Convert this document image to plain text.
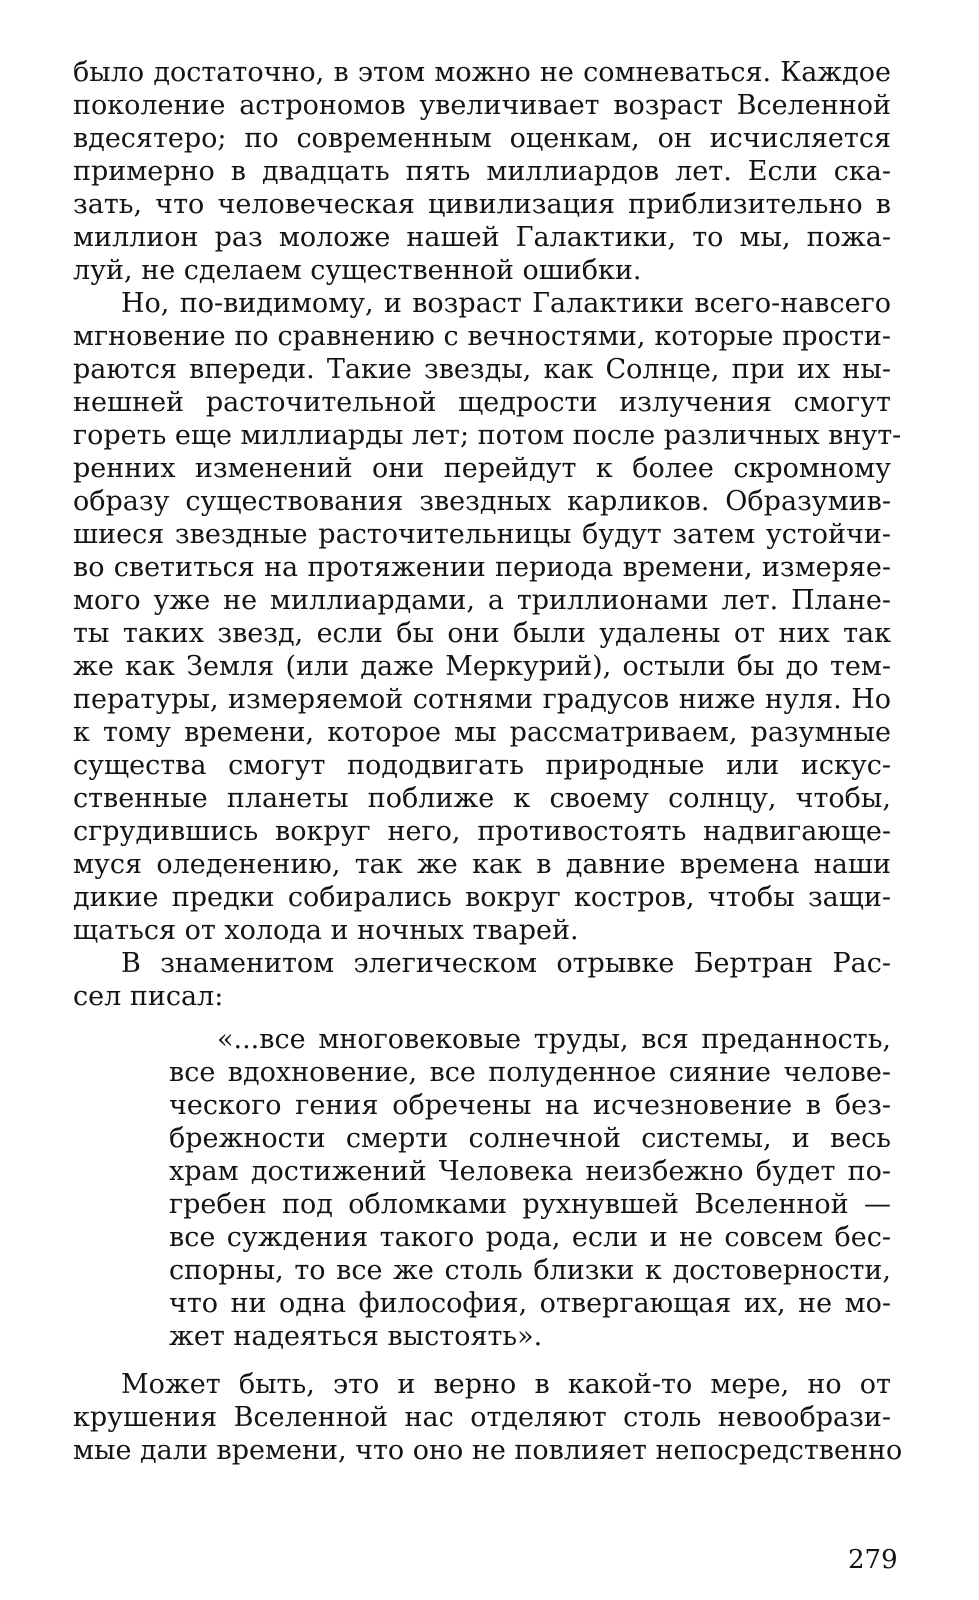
было достаточно, в этом можно не сомневаться. Каждое
поколение астрономов увеличивает возраст Вселенной
вдесятеро; по современным оценкам, он исчисляется
примерно в двадцать пять миллиардов лет. Если ска-
зать, что человеческая цивилизация приблизительно в
миллион раз моложе нашей Галактики, то мы, пожа-
луй, не сделаем существенной ошибки.
Но, по-видимому, и возраст Галактики всего-навсего
мгновение по сравнению с вечностями, которые прости-
раются впереди. Такие звезды, как Солнце, при их ны-
нешней расточительной щедрости излучения смогут
гореть еще миллиарды лет; потом после различных внут-
ренних изменений они перейдут к более скромному
образу существования звездных карликов. Образумив-
шиеся звездные расточительницы будут затем устойчи-
во светиться на протяжении периода времени, измеряе-
мого уже не миллиардами, а триллионами лет. Плане-
ты таких звезд, если бы они были удалены от них так
же как Земля (или даже Меркурий), остыли бы до тем-
пературы, измеряемой сотнями градусов ниже нуля. Но
к тому времени, которое мы рассматриваем, разумные
существа смогут пододвигать природные или искус-
ственные планеты поближе к своему солнцу, чтобы,
сгрудившись вокруг него, противостоять надвигающе-
муся оледенению, так же как в давние времена наши
дикие предки собирались вокруг костров, чтобы защи-
щаться от холода и ночных тварей.
В знаменитом элегическом отрывке Бертран Рас-
сел писал:
«...все многовековые труды, вся преданность,
все вдохновение, все полуденное сияние челове-
ческого гения обречены на исчезновение в без-
брежности смерти солнечной системы, и весь
храм достижений Человека неизбежно будет по-
гребен под обломками рухнувшей Вселенной —
все суждения такого рода, если и не совсем бес-
спорны, то все же столь близки к достоверности,
что ни одна философия, отвергающая их, не мо-
жет надеяться выстоять».
Может быть, это и верно в какой-то мере, но от
крушения Вселенной нас отделяют столь невообрази-
мые дали времени, что оно не повлияет непосредственно
279
